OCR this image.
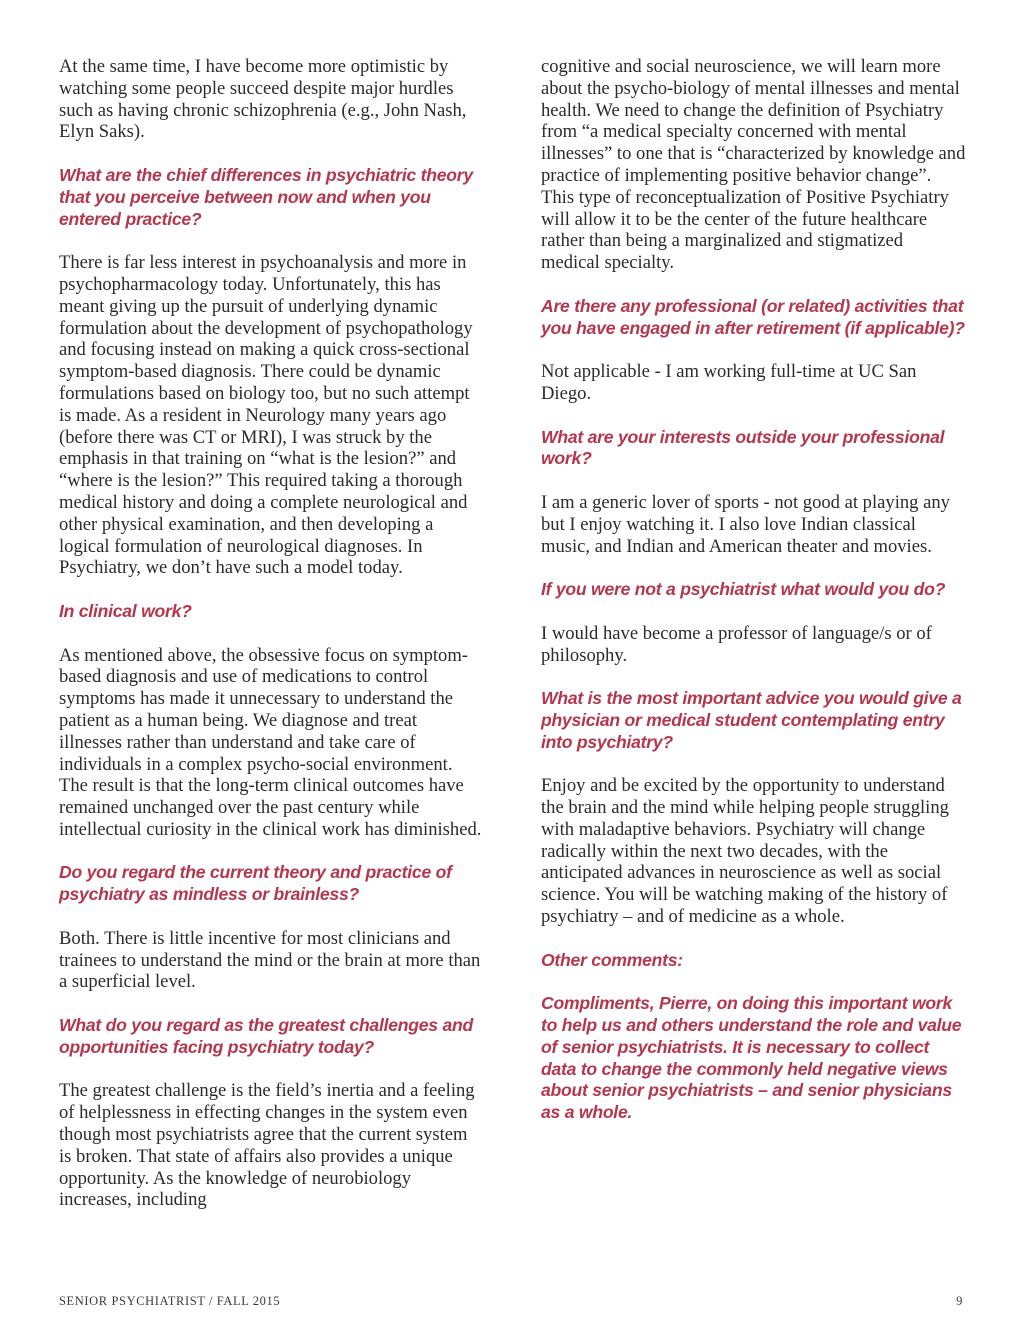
At the same time, I have become more optimistic by watching some people succeed despite major hurdles such as having chronic schizophrenia (e.g., John Nash, Elyn Saks).

What are the chief differences in psychiatric theory that you perceive between now and when you entered practice?

There is far less interest in psychoanalysis and more in psychopharmacology today. Unfortunately, this has meant giving up the pursuit of underlying dynamic formulation about the development of psychopathology and focusing instead on making a quick cross-sectional symptom-based diagnosis. There could be dynamic formulations based on biology too, but no such attempt is made. As a resident in Neurology many years ago (before there was CT or MRI), I was struck by the emphasis in that training on “what is the lesion?” and “where is the lesion?” This required taking a thorough medical history and doing a complete neurological and other physical examination, and then developing a logical formulation of neurological diagnoses. In Psychiatry, we don’t have such a model today.

In clinical work?

As mentioned above, the obsessive focus on symptom-based diagnosis and use of medications to control symptoms has made it unnecessary to understand the patient as a human being. We diagnose and treat illnesses rather than understand and take care of individuals in a complex psycho-social environment. The result is that the long-term clinical outcomes have remained unchanged over the past century while intellectual curiosity in the clinical work has diminished.

Do you regard the current theory and practice of psychiatry as mindless or brainless?

Both. There is little incentive for most clinicians and trainees to understand the mind or the brain at more than a superficial level.

What do you regard as the greatest challenges and opportunities facing psychiatry today?

The greatest challenge is the field’s inertia and a feeling of helplessness in effecting changes in the system even though most psychiatrists agree that the current system is broken. That state of affairs also provides a unique opportunity. As the knowledge of neurobiology increases, including

cognitive and social neuroscience, we will learn more about the psycho-biology of mental illnesses and mental health. We need to change the definition of Psychiatry from “a medical specialty concerned with mental illnesses” to one that is “characterized by knowledge and practice of implementing positive behavior change”. This type of reconceptualization of Positive Psychiatry will allow it to be the center of the future healthcare rather than being a marginalized and stigmatized medical specialty.

Are there any professional (or related) activities that you have engaged in after retirement (if applicable)?

Not applicable - I am working full-time at UC San Diego.

What are your interests outside your professional work?

I am a generic lover of sports - not good at playing any but I enjoy watching it. I also love Indian classical music, and Indian and American theater and movies.

If you were not a psychiatrist what would you do?

I would have become a professor of language/s or of philosophy.

What is the most important advice you would give a physician or medical student contemplating entry into psychiatry?

Enjoy and be excited by the opportunity to understand the brain and the mind while helping people struggling with maladaptive behaviors. Psychiatry will change radically within the next two decades, with the anticipated advances in neuroscience as well as social science. You will be watching making of the history of psychiatry – and of medicine as a whole.

Other comments:

Compliments, Pierre, on doing this important work to help us and others understand the role and value of senior psychiatrists. It is necessary to collect data to change the commonly held negative views about senior psychiatrists – and senior physicians as a whole.

SENIOR PSYCHIATRIST / FALL 2015	9
